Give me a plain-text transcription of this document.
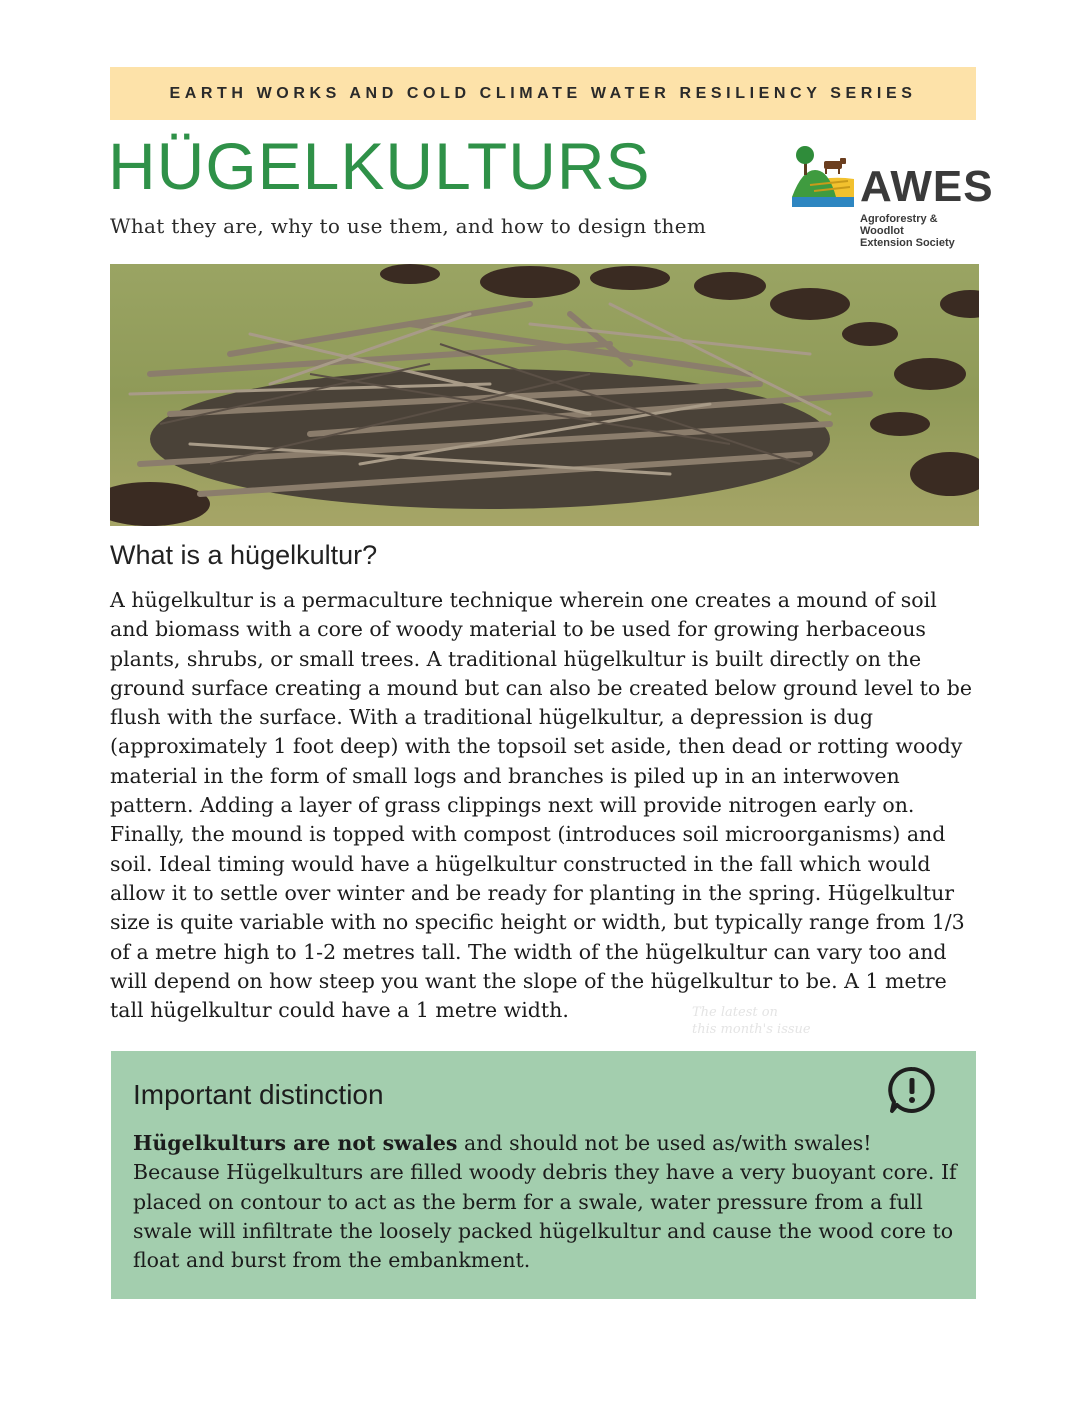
EARTH WORKS AND COLD CLIMATE WATER RESILIENCY SERIES
HÜGELKULTURS

What they are, why to use them, and how to design them

AWES
Agroforestry & Woodlot
Extension Society
What is a hügelkultur?

A hügelkultur is a permaculture technique wherein one creates a mound of soil and biomass with a core of woody material to be used for growing herbaceous plants, shrubs, or small trees. A traditional hügelkultur is built directly on the ground surface creating a mound but can also be created below ground level to be flush with the surface. With a traditional hügelkultur, a depression is dug (approximately 1 foot deep) with the topsoil set aside, then dead or rotting woody material in the form of small logs and branches is piled up in an interwoven pattern. Adding a layer of grass clippings next will provide nitrogen early on. Finally, the mound is topped with compost (introduces soil microorganisms) and soil. Ideal timing would have a hügelkultur constructed in the fall which would allow it to settle over winter and be ready for planting in the spring. Hügelkultur size is quite variable with no specific height or width, but typically range from 1/3 of a metre high to 1-2 metres tall. The width of the hügelkultur can vary too and will depend on how steep you want the slope of the hügelkultur to be. A 1 metre tall hügelkultur could have a 1 metre width.	The latest on
this month's issue
Important distinction

Hügelkulturs are not swales and should not be used as/with swales! Because Hügelkulturs are filled woody debris they have a very buoyant core. If placed on contour to act as the berm for a swale, water pressure from a full swale will infiltrate the loosely packed hügelkultur and cause the wood core to float and burst from the embankment.
